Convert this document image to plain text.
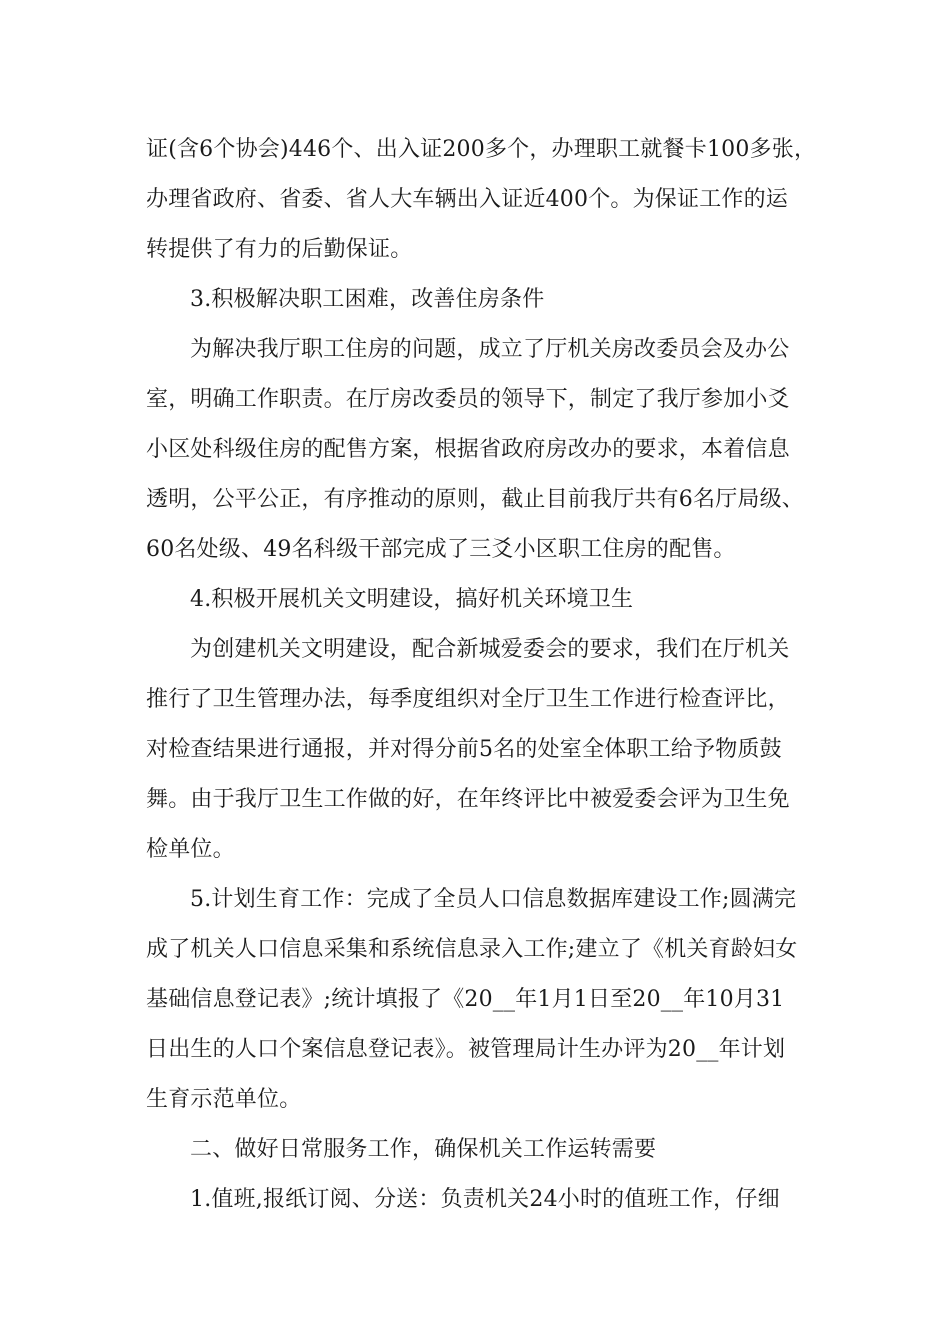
证(含6个协会)446个、出入证200多个，办理职工就餐卡100多张，
办理省政府、省委、省人大车辆出入证近400个。为保证工作的运
转提供了有力的后勤保证。
3.积极解决职工困难，改善住房条件
为解决我厅职工住房的问题，成立了厅机关房改委员会及办公
室，明确工作职责。在厅房改委员的领导下，制定了我厅参加小爻
小区处科级住房的配售方案，根据省政府房改办的要求，本着信息
透明，公平公正，有序推动的原则，截止目前我厅共有6名厅局级、
60名处级、49名科级干部完成了三爻小区职工住房的配售。
4.积极开展机关文明建设，搞好机关环境卫生
为创建机关文明建设，配合新城爱委会的要求，我们在厅机关
推行了卫生管理办法，每季度组织对全厅卫生工作进行检查评比，
对检查结果进行通报，并对得分前5名的处室全体职工给予物质鼓
舞。由于我厅卫生工作做的好，在年终评比中被爱委会评为卫生免
检单位。
5.计划生育工作：完成了全员人口信息数据库建设工作;圆满完
成了机关人口信息采集和系统信息录入工作;建立了《机关育龄妇女
基础信息登记表》;统计填报了《20__年1月1日至20__年10月31
日出生的人口个案信息登记表》。被管理局计生办评为20__年计划
生育示范单位。
二、做好日常服务工作，确保机关工作运转需要
1.值班,报纸订阅、分送：负责机关24小时的值班工作，仔细
